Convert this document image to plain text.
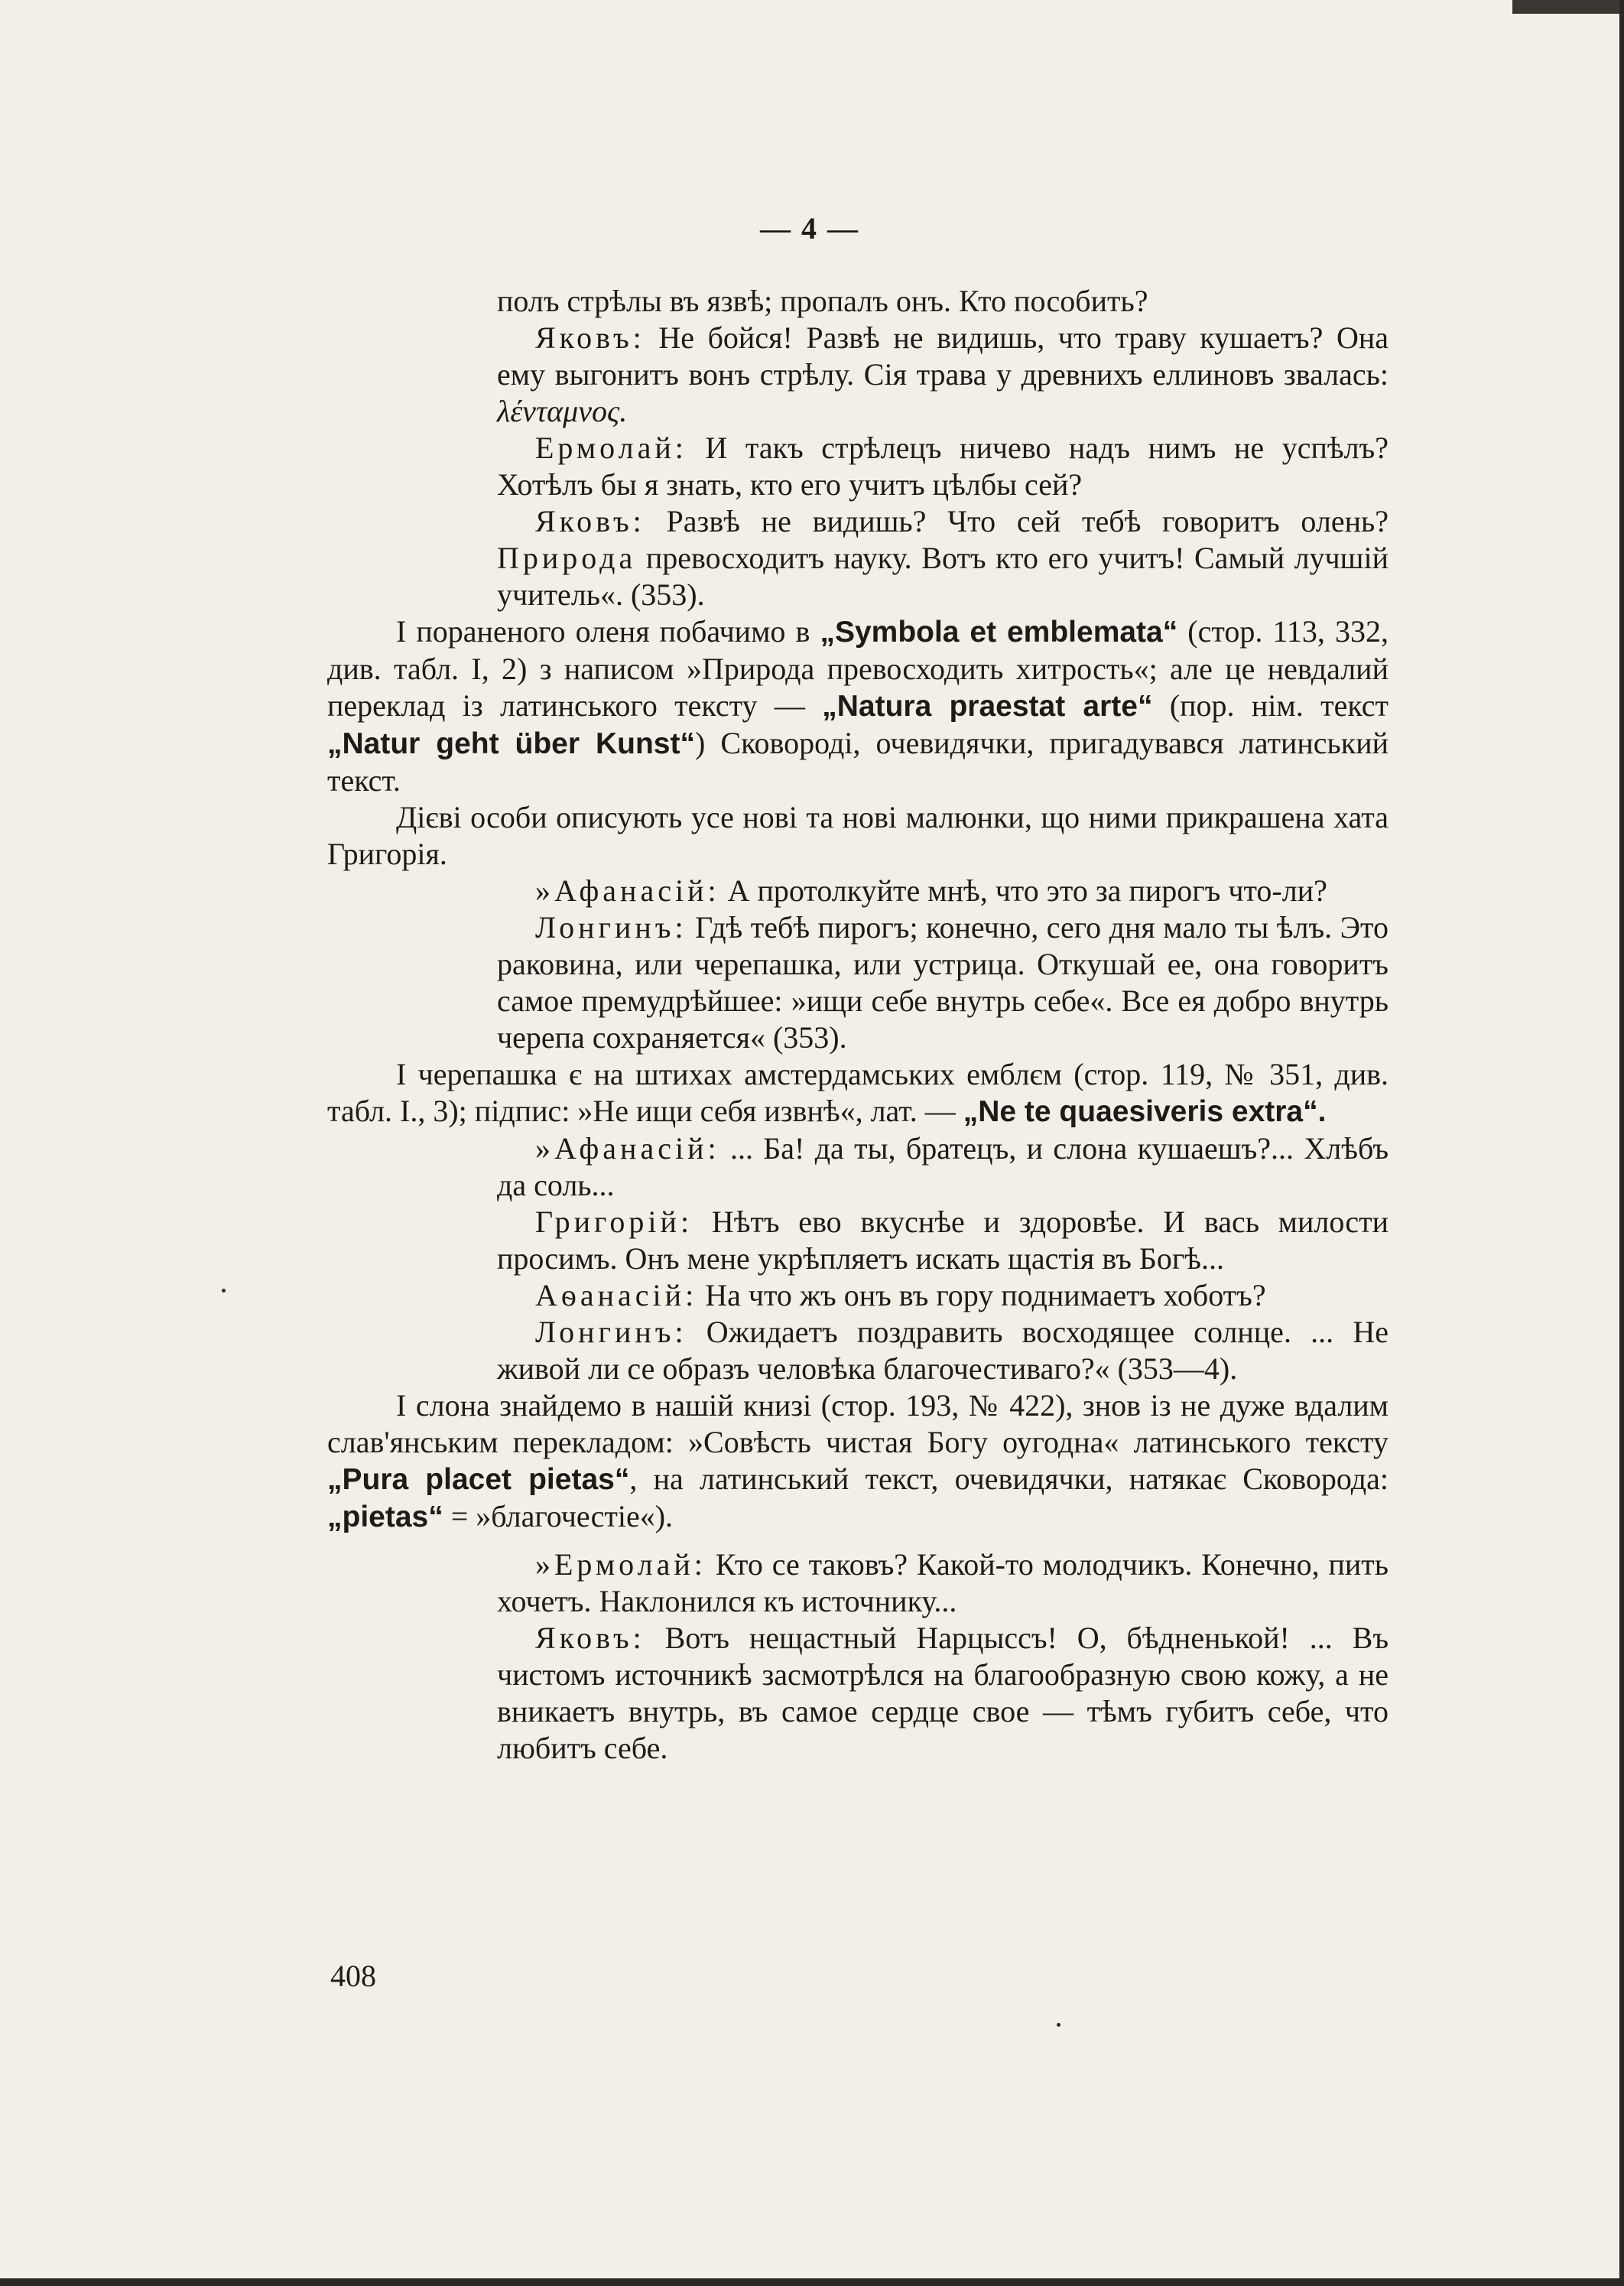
— 4 —

полъ стрѣлы въ язвѣ; пропалъ онъ. Кто пособить?

Яковъ: Не бойся! Развѣ не видишь, что траву кушаетъ? Она ему выгонитъ вонъ стрѣлу. Сія трава у древнихъ еллиновъ звалась: λένταμνος.

Ермолай: И такъ стрѣлецъ ничево надъ нимъ не успѣлъ? Хотѣлъ бы я знать, кто его учитъ цѣлбы сей?

Яковъ: Развѣ не видишь? Что сей тебѣ говоритъ олень? Природа превосходитъ науку. Вотъ кто его учитъ! Самый лучшій учитель«. (353).

І пораненого оленя побачимо в „Symbola et emblemata“ (стор. 113, 332, див. табл. І, 2) з написом »Природа превосходить хитрость«; але це невдалий переклад із латинського тексту — „Natura praestat arte“ (пор. нім. текст „Natur geht über Kunst“) Сковороді, очевидячки, пригадувався латинський текст.

Дієві особи описують усе нові та нові малюнки, що ними прикрашена хата Григорія.

»Афанасій: А протолкуйте мнѣ, что это за пирогъ что-ли?

Лонгинъ: Гдѣ тебѣ пирогъ; конечно, сего дня мало ты ѣлъ. Это раковина, или черепашка, или устрица. Откушай ее, она говоритъ самое премудрѣйшее: »ищи себе внутрь себе«. Все ея добро внутрь черепа сохраняется« (353).

І черепашка є на штихах амстердамських емблєм (стор. 119, № 351, див. табл. І., 3); підпис: »Не ищи себя извнѣ«, лат. — „Ne te quaesiveris extra“.

»Афанасій: ... Ба! да ты, братецъ, и слона кушаешъ?... Хлѣбъ да соль...

Григорій: Нѣтъ ево вкуснѣе и здоровѣе. И вась милости просимъ. Онъ мене укрѣпляетъ искать щастія въ Богѣ...

Аѳанасій: На что жъ онъ въ гору поднимаетъ хоботъ?

Лонгинъ: Ожидаетъ поздравить восходящее солнце. ... Не живой ли се образъ человѣка благочестиваго?« (353—4).

І слона знайдемо в нашій книзі (стор. 193, № 422), знов із не дуже вдалим слав'янським перекладом: »Совѣсть чистая Богу оугодна« латинського тексту „Pura placet pietas“, на латинський текст, очевидячки, натякає Сковорода: „pietas“ = »благочестіе«).

»Ермолай: Кто се таковъ? Какой-то молодчикъ. Конечно, пить хочетъ. Наклонился къ источнику...

Яковъ: Вотъ нещастный Нарцыссъ! О, бѣдненькой! ... Въ чистомъ источникѣ засмотрѣлся на благообразную свою кожу, а не вникаетъ внутрь, въ самое сердце свое — тѣмъ губитъ себе, что любитъ себе.

408
